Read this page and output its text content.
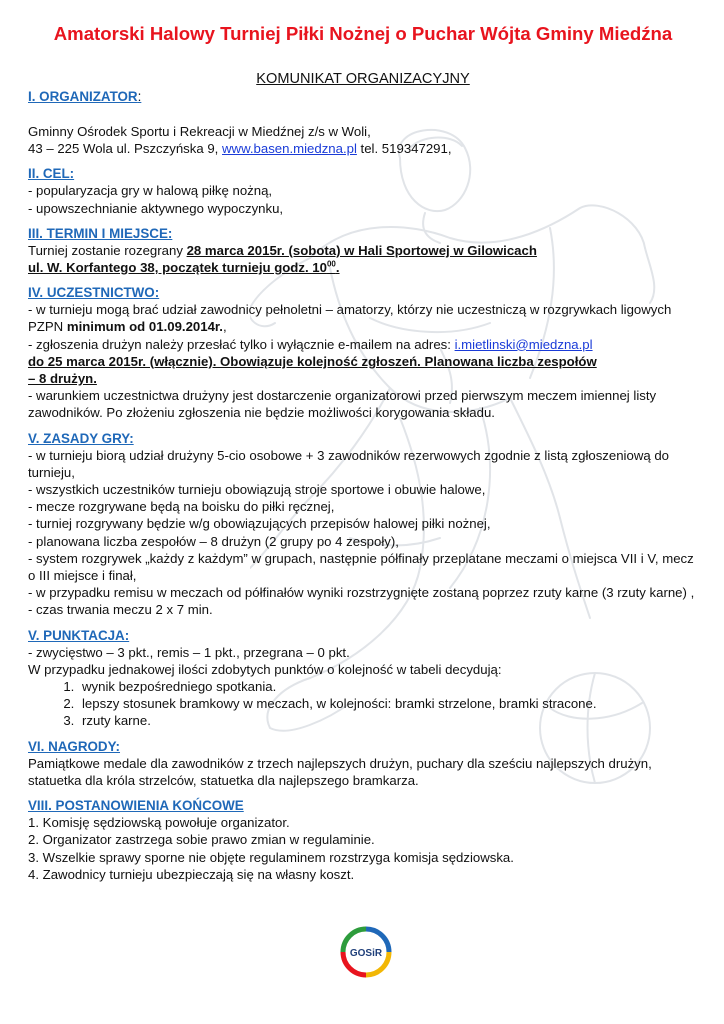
Amatorski Halowy Turniej Piłki Nożnej o Puchar Wójta Gminy Miedźna

KOMUNIKAT ORGANIZACYJNY

I. ORGANIZATOR:

Gminny Ośrodek Sportu i Rekreacji w Miedźnej z/s w Woli,

43 – 225 Wola ul. Pszczyńska 9, www.basen.miedzna.pl tel. 519347291,

II. CEL:

- popularyzacja gry w halową piłkę nożną,

- upowszechnianie aktywnego wypoczynku,

III. TERMIN I MIEJSCE:

Turniej zostanie rozegrany 28 marca 2015r. (sobota) w Hali Sportowej w Gilowicach

ul. W. Korfantego 38, początek turnieju godz. $10^{00}$.

IV. UCZESTNICTWO:

- w turnieju mogą brać udział zawodnicy pełnoletni – amatorzy, którzy nie uczestniczą w rozgrywkach ligowych PZPN minimum od 01.09.2014r.,

- zgłoszenia drużyn należy przesłać tylko i wyłącznie e-mailem na adres: i.mietlinski@miedzna.pl

do 25 marca 2015r. (włącznie). Obowiązuje kolejność zgłoszeń. Planowana liczba zespołów

– 8 drużyn.

- warunkiem uczestnictwa drużyny jest dostarczenie organizatorowi przed pierwszym meczem imiennej listy zawodników. Po złożeniu zgłoszenia nie będzie możliwości korygowania składu.

V. ZASADY GRY:

- w turnieju biorą udział drużyny 5-cio osobowe + 3 zawodników rezerwowych zgodnie z listą zgłoszeniową do turnieju,

- wszystkich uczestników turnieju obowiązują stroje sportowe i obuwie halowe,

- mecze rozgrywane będą na boisku do piłki ręcznej,

- turniej rozgrywany będzie w/g obowiązujących przepisów halowej piłki nożnej,

- planowana liczba zespołów – 8 drużyn (2 grupy po 4 zespoły),

- system rozgrywek „każdy z każdym” w grupach, następnie półfinały przeplatane meczami o miejsca VII i V, mecz o III miejsce i finał,

- w przypadku remisu w meczach od półfinałów wyniki rozstrzygnięte zostaną poprzez rzuty karne (3 rzuty karne) ,

- czas trwania meczu 2 x 7 min.

V. PUNKTACJA:

- zwycięstwo – 3 pkt., remis – 1 pkt., przegrana – 0 pkt.

W przypadku jednakowej ilości zdobytych punktów o kolejność w tabeli decydują:

1. wynik bezpośredniego spotkania.
2. lepszy stosunek bramkowy w meczach, w kolejności: bramki strzelone, bramki stracone.
3. rzuty karne.

VI. NAGRODY:

Pamiątkowe medale dla zawodników z trzech najlepszych drużyn, puchary dla sześciu najlepszych drużyn, statuetka dla króla strzelców, statuetka dla najlepszego bramkarza.

VIII. POSTANOWIENIA KOŃCOWE

1. Komisję sędziowską powołuje organizator.

2. Organizator zastrzega sobie prawo zmian w regulaminie.

3. Wszelkie sprawy sporne nie objęte regulaminem rozstrzyga komisja sędziowska.

4. Zawodnicy turnieju ubezpieczają się na własny koszt.

GOSiR
